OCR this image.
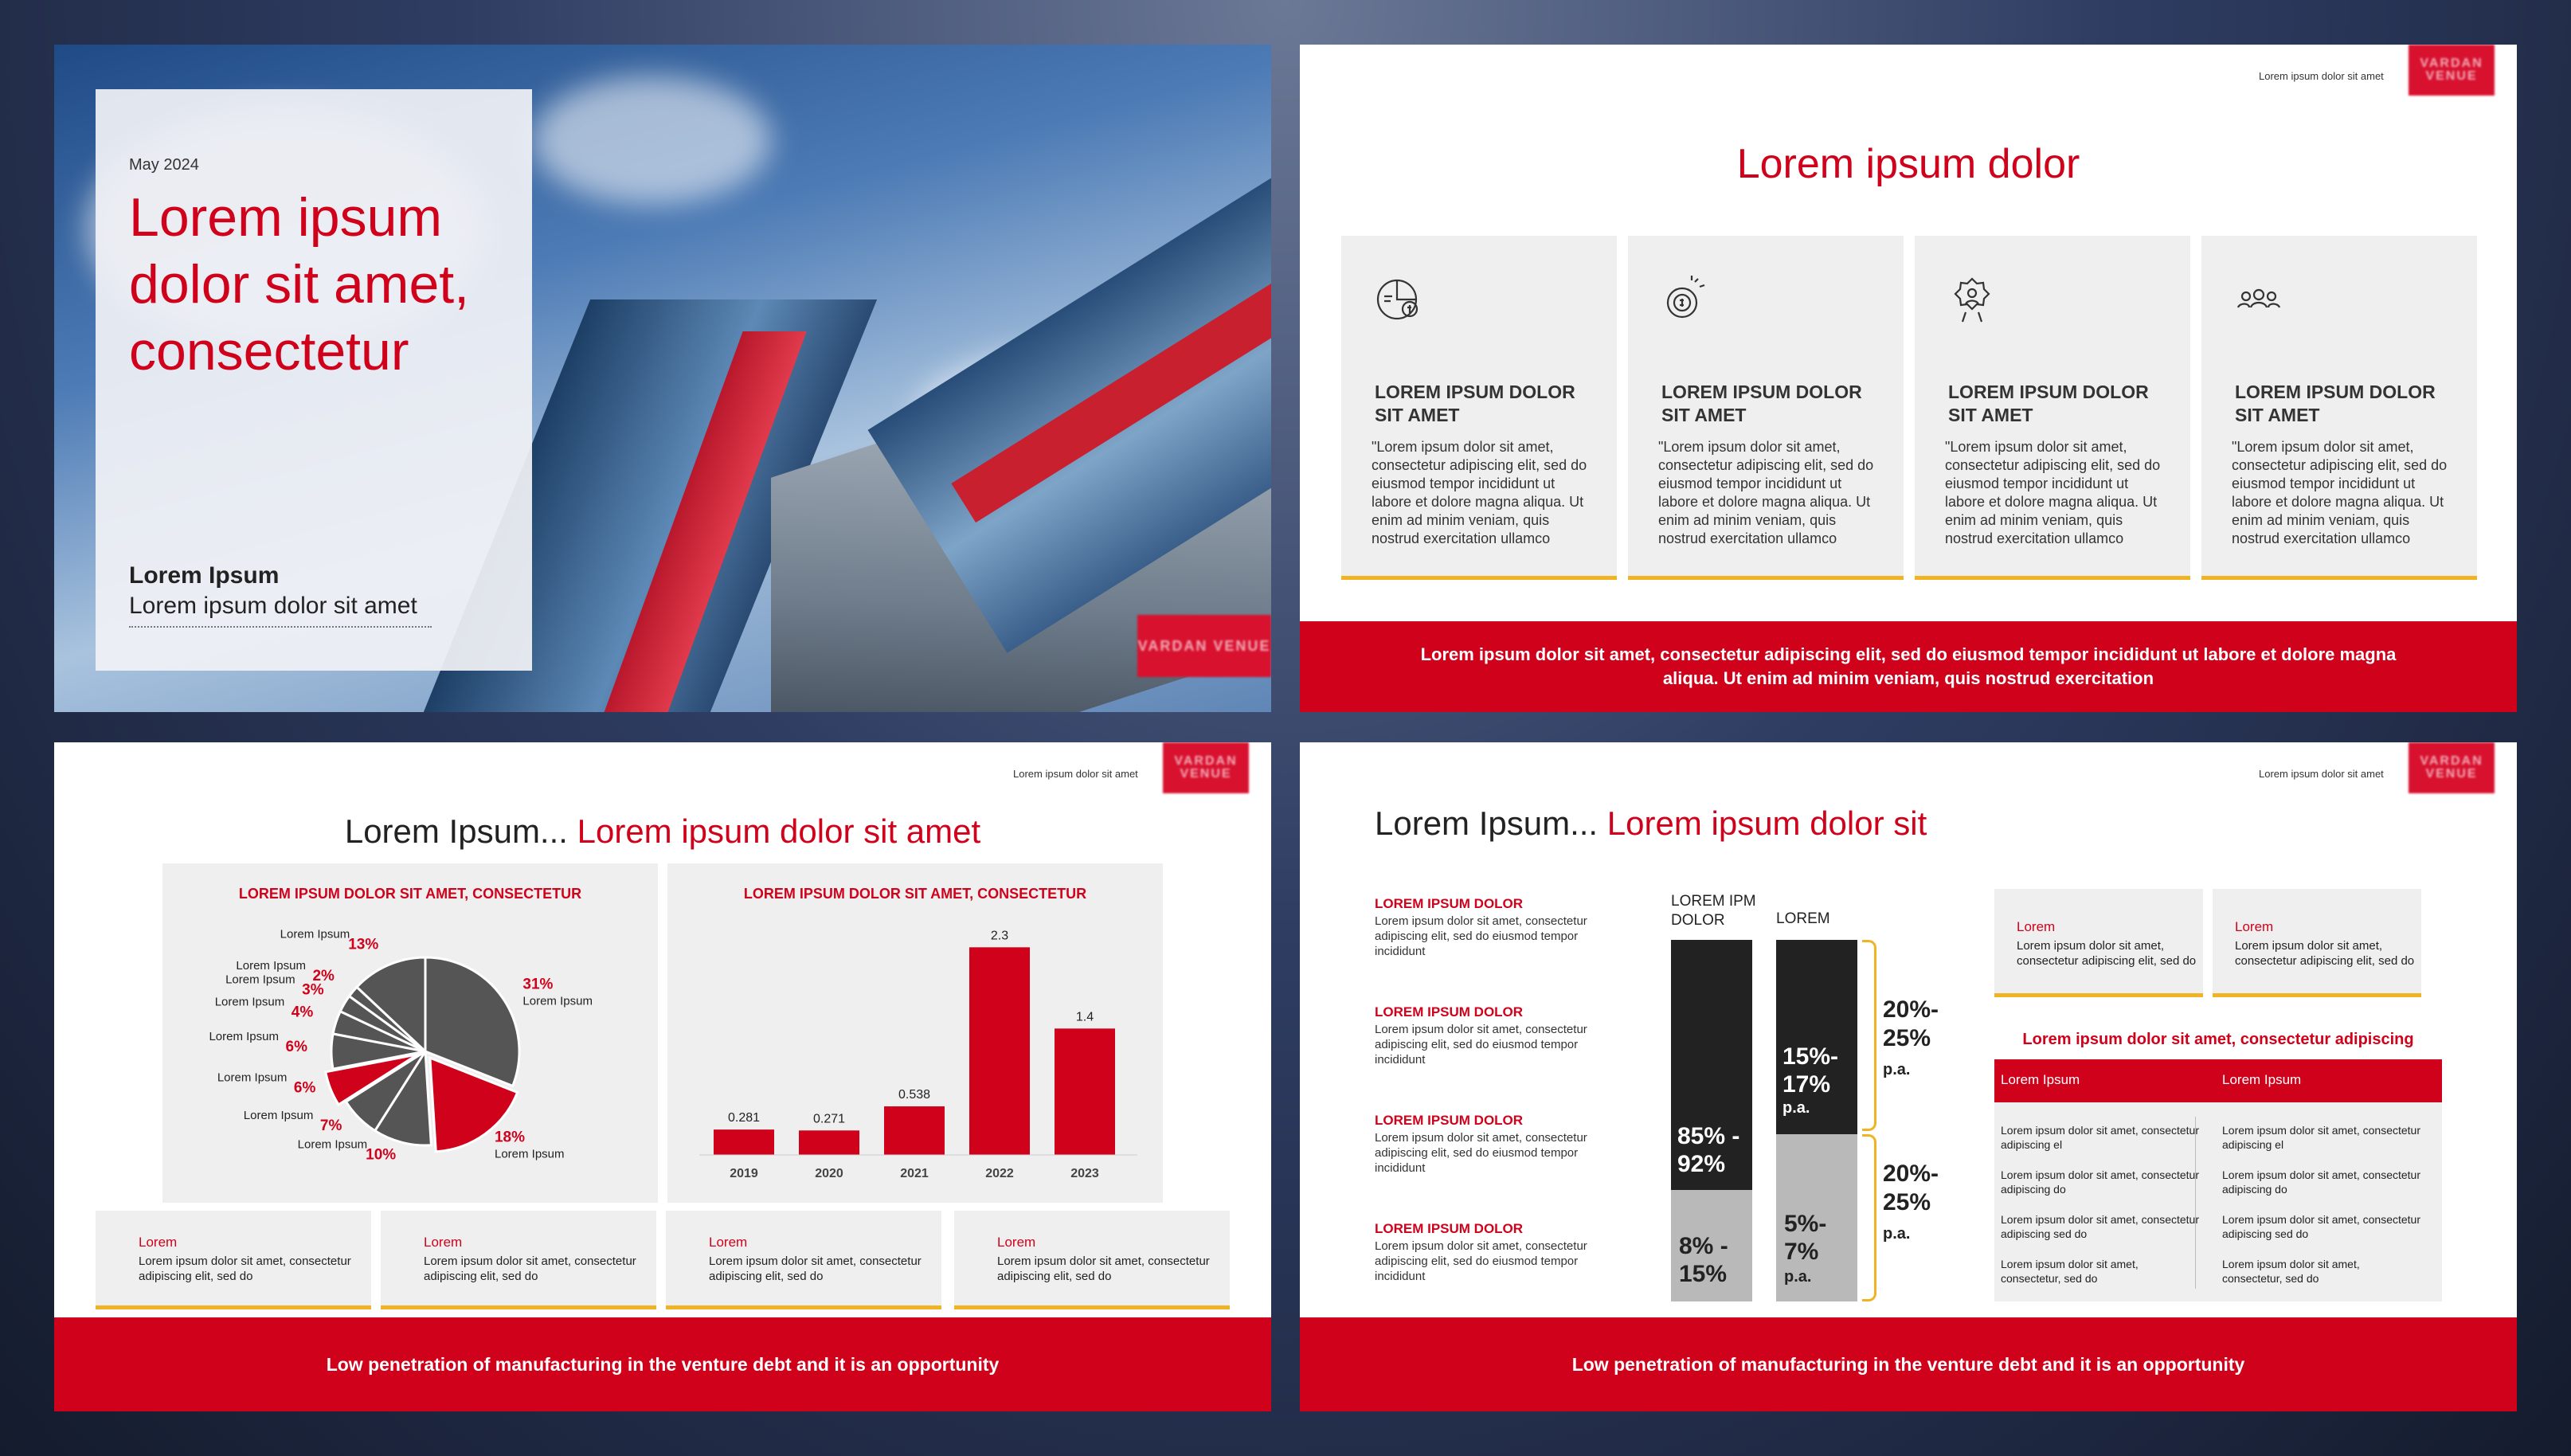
May 2024
Lorem ipsum dolor sit amet, consectetur
Lorem Ipsum
Lorem ipsum dolor sit amet
VARDAN VENUE
Lorem ipsum dolor sit amet
VARDAN VENUE
Lorem ipsum dolor
LOREM IPSUM DOLOR SIT AMET
"Lorem ipsum dolor sit amet, consectetur adipiscing elit, sed do eiusmod tempor incididunt ut labore et dolore magna aliqua. Ut enim ad minim veniam, quis nostrud exercitation ullamco
LOREM IPSUM DOLOR SIT AMET
"Lorem ipsum dolor sit amet, consectetur adipiscing elit, sed do eiusmod tempor incididunt ut labore et dolore magna aliqua. Ut enim ad minim veniam, quis nostrud exercitation ullamco
LOREM IPSUM DOLOR SIT AMET
"Lorem ipsum dolor sit amet, consectetur adipiscing elit, sed do eiusmod tempor incididunt ut labore et dolore magna aliqua. Ut enim ad minim veniam, quis nostrud exercitation ullamco
LOREM IPSUM DOLOR SIT AMET
"Lorem ipsum dolor sit amet, consectetur adipiscing elit, sed do eiusmod tempor incididunt ut labore et dolore magna aliqua. Ut enim ad minim veniam, quis nostrud exercitation ullamco
Lorem ipsum dolor sit amet, consectetur adipiscing elit, sed do eiusmod tempor incididunt ut labore et dolore magna aliqua. Ut enim ad minim veniam, quis nostrud exercitation
Lorem ipsum dolor sit amet
VARDAN VENUE
Lorem Ipsum... Lorem ipsum dolor sit amet
LOREM IPSUM DOLOR SIT AMET, CONSECTETUR
31%
Lorem Ipsum
18%
Lorem Ipsum
10%
Lorem Ipsum
7%
Lorem Ipsum
6%
Lorem Ipsum
6%
Lorem Ipsum
4%
Lorem Ipsum
3%
Lorem Ipsum 2%
Lorem Ipsum
13%
Lorem Ipsum
LOREM IPSUM DOLOR SIT AMET, CONSECTETUR
0.281
2019
0.271
2020
0.538
2021
2.3
2022
1.4
2023
Lorem
Lorem ipsum dolor sit amet, consectetur adipiscing elit, sed do
Lorem
Lorem ipsum dolor sit amet, consectetur adipiscing elit, sed do
Lorem
Lorem ipsum dolor sit amet, consectetur adipiscing elit, sed do
Lorem
Lorem ipsum dolor sit amet, consectetur adipiscing elit, sed do
Low penetration of manufacturing in the venture debt and it is an opportunity
Lorem ipsum dolor sit amet
VARDAN VENUE
Lorem Ipsum... Lorem ipsum dolor sit
LOREM IPSUM DOLOR
Lorem ipsum dolor sit amet, consectetur adipiscing elit, sed do eiusmod tempor incididunt
LOREM IPSUM DOLOR
Lorem ipsum dolor sit amet, consectetur adipiscing elit, sed do eiusmod tempor incididunt
LOREM IPSUM DOLOR
Lorem ipsum dolor sit amet, consectetur adipiscing elit, sed do eiusmod tempor incididunt
LOREM IPSUM DOLOR
Lorem ipsum dolor sit amet, consectetur adipiscing elit, sed do eiusmod tempor incididunt
LOREM IPM DOLOR	LOREM
85% - 92%
8% - 15%
15%- 17%
p.a.
5%- 7%
p.a.
20%- 25%
p.a.
20%- 25%
p.a.
Lorem
Lorem ipsum dolor sit amet, consectetur adipiscing elit, sed do
Lorem
Lorem ipsum dolor sit amet, consectetur adipiscing elit, sed do
Lorem ipsum dolor sit amet, consectetur adipiscing
Lorem Ipsum	Lorem Ipsum
Lorem ipsum dolor sit amet, consectetur adipiscing el
Lorem ipsum dolor sit amet, consectetur adipiscing el
Lorem ipsum dolor sit amet, consectetur adipiscing do
Lorem ipsum dolor sit amet, consectetur adipiscing do
Lorem ipsum dolor sit amet, consectetur adipiscing sed do
Lorem ipsum dolor sit amet, consectetur adipiscing sed do
Lorem ipsum dolor sit amet, consectetur, sed do
Lorem ipsum dolor sit amet, consectetur, sed do
Low penetration of manufacturing in the venture debt and it is an opportunity
